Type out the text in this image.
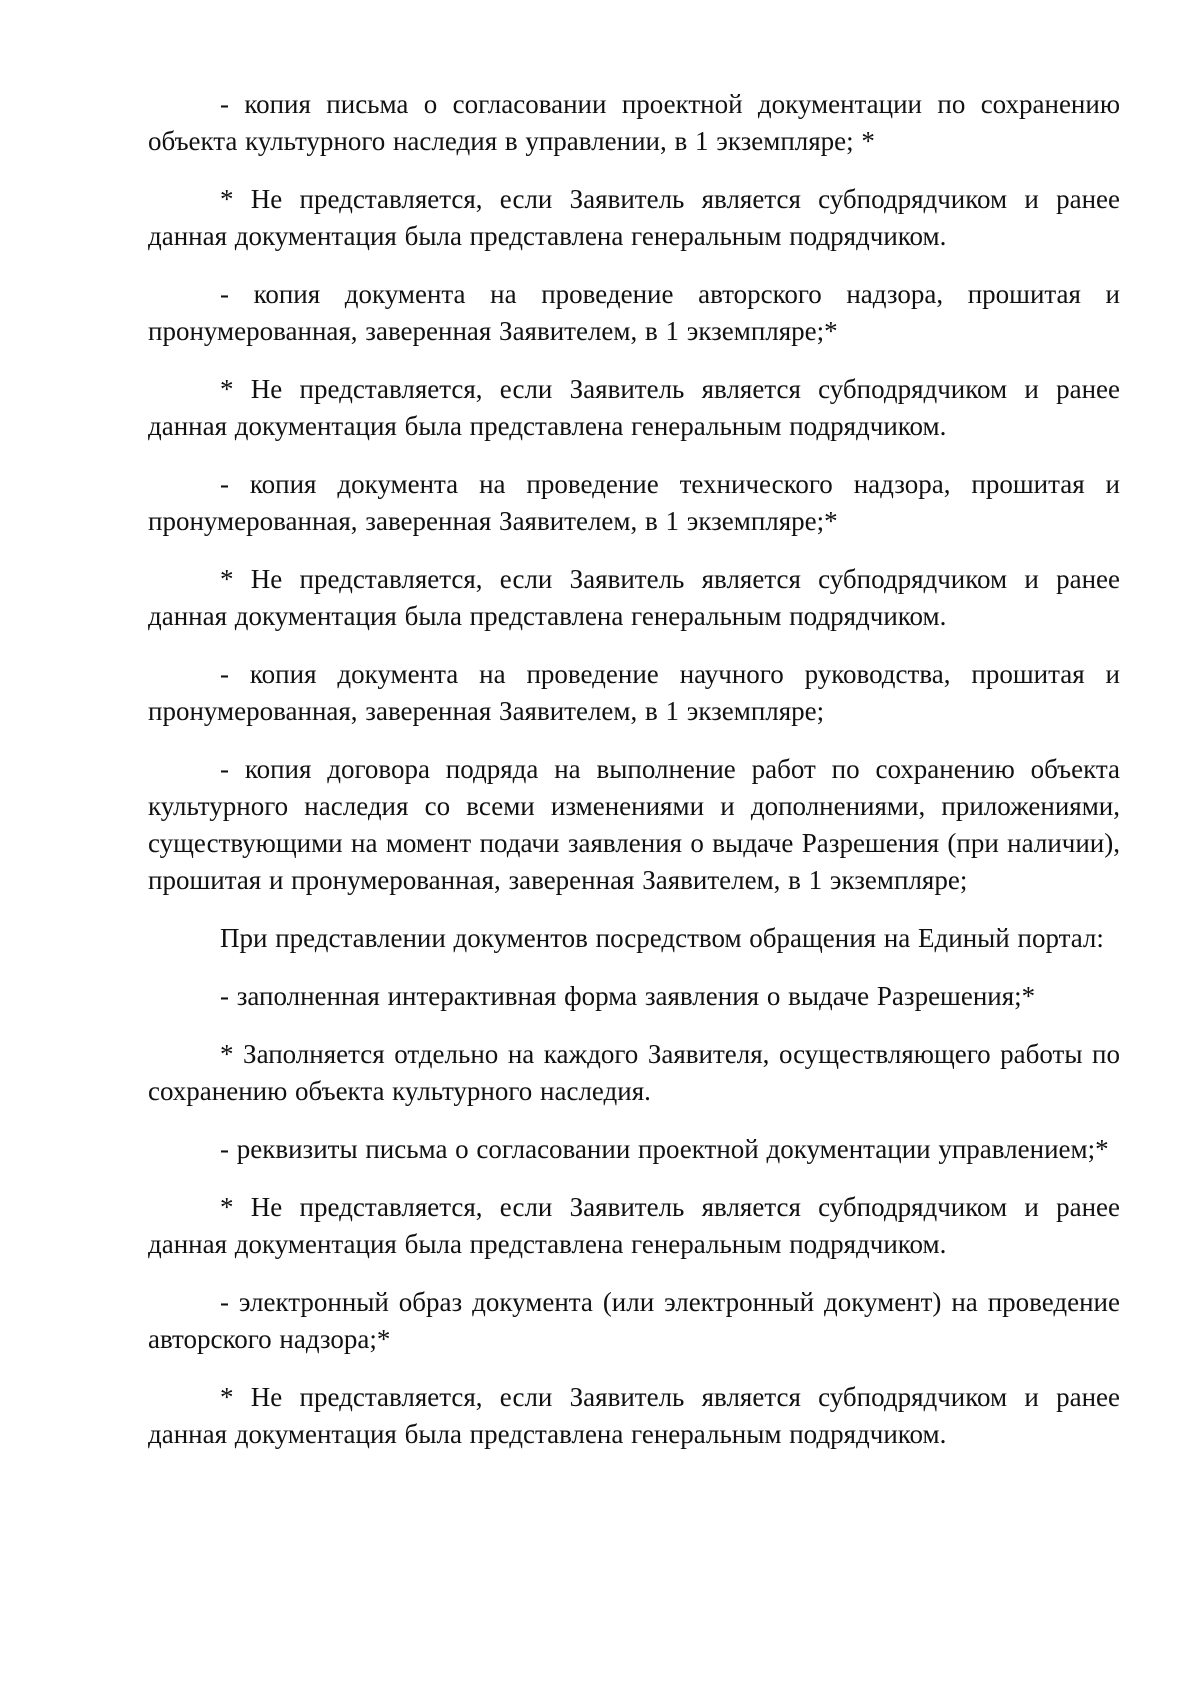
- копия письма о согласовании проектной документации по сохранению объекта культурного наследия в управлении, в 1 экземпляре; *

* Не представляется, если Заявитель является субподрядчиком и ранее данная документация была представлена генеральным подрядчиком.

- копия документа на проведение авторского надзора, прошитая и пронумерованная, заверенная Заявителем, в 1 экземпляре;*

* Не представляется, если Заявитель является субподрядчиком и ранее данная документация была представлена генеральным подрядчиком.

- копия документа на проведение технического надзора, прошитая и пронумерованная, заверенная Заявителем, в 1 экземпляре;*

* Не представляется, если Заявитель является субподрядчиком и ранее данная документация была представлена генеральным подрядчиком.

- копия документа на проведение научного руководства, прошитая и пронумерованная, заверенная Заявителем, в 1 экземпляре;

- копия договора подряда на выполнение работ по сохранению объекта культурного наследия со всеми изменениями и дополнениями, приложениями, существующими на момент подачи заявления о выдаче Разрешения (при наличии), прошитая и пронумерованная, заверенная Заявителем, в 1 экземпляре;

При представлении документов посредством обращения на Единый портал:

- заполненная интерактивная форма заявления о выдаче Разрешения;*

* Заполняется отдельно на каждого Заявителя, осуществляющего работы по сохранению объекта культурного наследия.

- реквизиты письма о согласовании проектной документации управлением;*

* Не представляется, если Заявитель является субподрядчиком и ранее данная документация была представлена генеральным подрядчиком.

- электронный образ документа (или электронный документ) на проведение авторского надзора;*

* Не представляется, если Заявитель является субподрядчиком и ранее данная документация была представлена генеральным подрядчиком.
